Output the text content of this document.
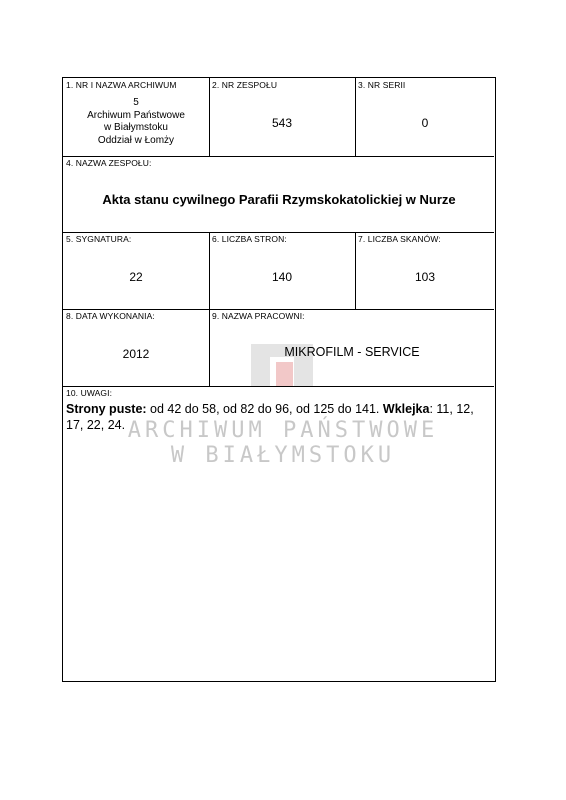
ARCHIWUM PAŃSTWOWE
W BIAŁYMSTOKU
1. NR I NAZWA ARCHIWUM
5
Archiwum Państwowe
w Białymstoku
Oddział w Łomży
2. NR ZESPOŁU
543
3. NR SERII
0
4. NAZWA ZESPOŁU:
Akta stanu cywilnego Parafii Rzymskokatolickiej w Nurze
5. SYGNATURA:
22
6. LICZBA STRON:
140
7. LICZBA SKANÓW:
103
8. DATA WYKONANIA:
2012
9. NAZWA PRACOWNI:
MIKROFILM - SERVICE
10. UWAGI:
Strony puste: od 42 do 58, od 82 do 96, od 125 do 141. Wklejka: 11, 12, 17, 22, 24.
